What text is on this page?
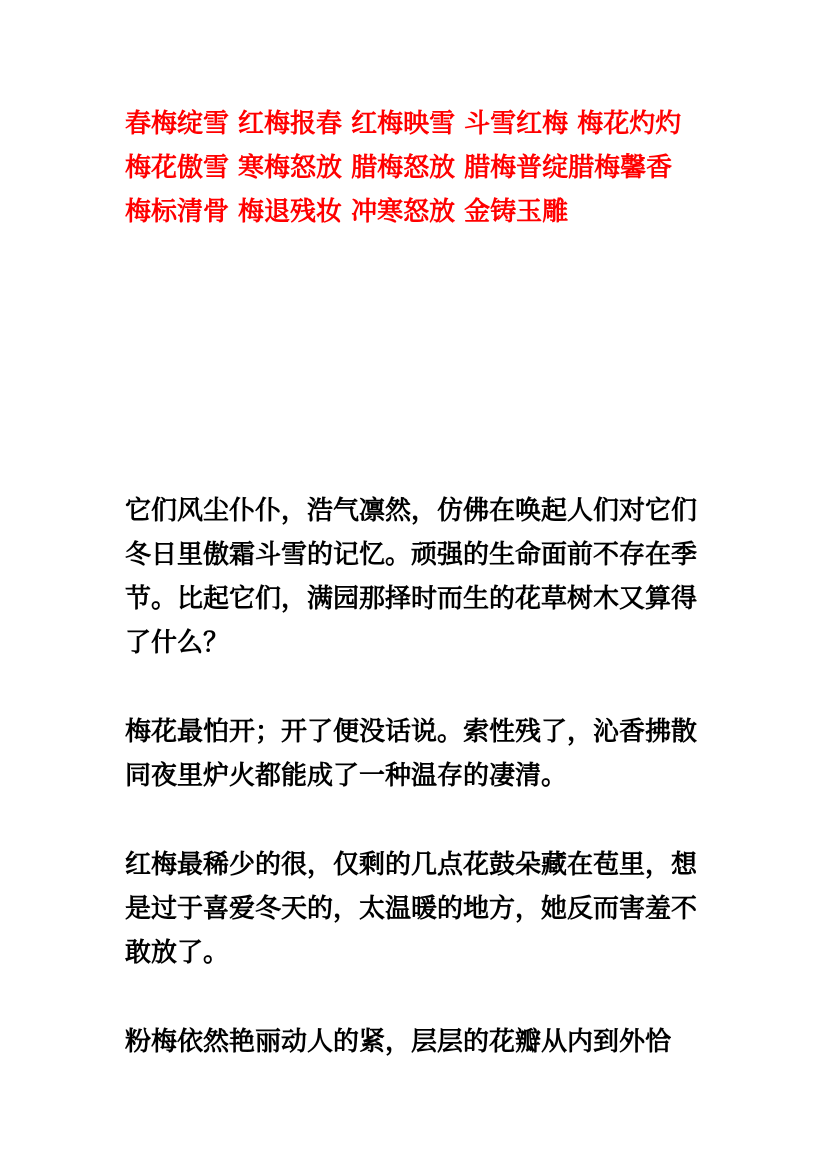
春梅绽雪 红梅报春 红梅映雪 斗雪红梅 梅花灼灼 梅花傲雪 寒梅怒放 腊梅怒放 腊梅普绽腊梅馨香 梅标清骨 梅退残妆 冲寒怒放 金铸玉雕

它们风尘仆仆，浩气凛然，仿佛在唤起人们对它们冬日里傲霜斗雪的记忆。顽强的生命面前不存在季节。比起它们，满园那择时而生的花草树木又算得了什么？

梅花最怕开；开了便没话说。索性残了，沁香拂散同夜里炉火都能成了一种温存的凄清。

红梅最稀少的很，仅剩的几点花鼓朵藏在苞里，想是过于喜爱冬天的，太温暖的地方，她反而害羞不敢放了。

粉梅依然艳丽动人的紧，层层的花瓣从内到外恰
